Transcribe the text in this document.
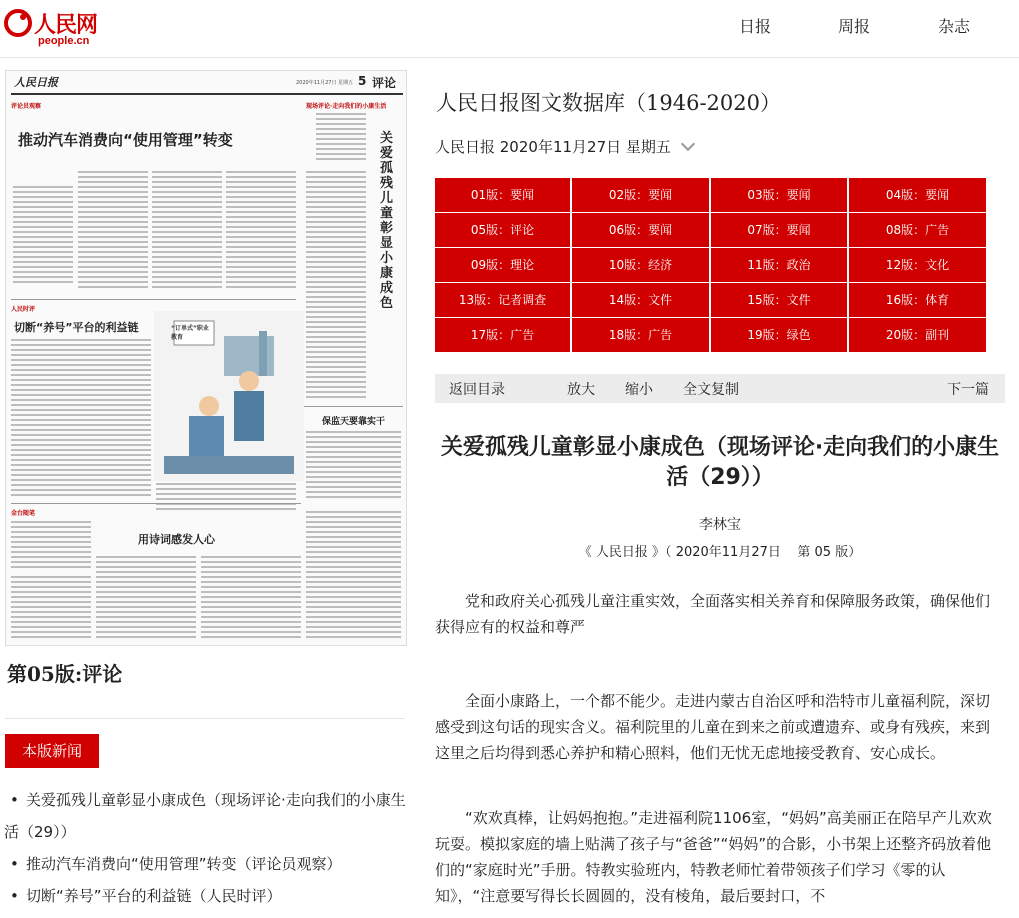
人民网
people.cn
日报	周报	杂志
人民日报	2020年11月27日 星期五 5 评论
评论员观察
推动汽车消费向“使用管理”转变
现场评论·走向我们的小康生活
关爱孤残儿童彰显小康成色
人民时评
切断“养号”平台的利益链	“订单式”职业教育
保监天要靠实干
金台随笔
用诗词感发人心
第05版:评论
本版新闻
• 关爱孤残儿童彰显小康成色（现场评论·走向我们的小康生活（29））
• 推动汽车消费向“使用管理”转变（评论员观察）
• 切断“养号”平台的利益链（人民时评）
人民日报图文数据库（1946-2020）
人民日报 2020年11月27日 星期五
01版：要闻	02版：要闻	03版：要闻	04版：要闻
05版：评论	06版：要闻	07版：要闻	08版：广告
09版：理论	10版：经济	11版：政治	12版：文化
13版：记者调查	14版：文件	15版：文件	16版：体育
17版：广告	18版：广告	19版：绿色	20版：副刊
返回目录	放大 缩小 全文复制	下一篇
关爱孤残儿童彰显小康成色（现场评论·走向我们的小康生活（29））
李林宝
《 人民日报 》（ 2020年11月27日    第 05 版）
党和政府关心孤残儿童注重实效，全面落实相关养育和保障服务政策，确保他们获得应有的权益和尊严
全面小康路上，一个都不能少。走进内蒙古自治区呼和浩特市儿童福利院，深切感受到这句话的现实含义。福利院里的儿童在到来之前或遭遗弃、或身有残疾，来到这里之后均得到悉心养护和精心照料，他们无忧无虑地接受教育、安心成长。
“欢欢真棒，让妈妈抱抱。”走进福利院1106室，“妈妈”高美丽正在陪早产儿欢欢玩耍。模拟家庭的墙上贴满了孩子与“爸爸”“妈妈”的合影，小书架上还整齐码放着他们的“家庭时光”手册。特教实验班内，特教老师忙着带领孩子们学习《零的认知》，“注意要写得长长圆圆的，没有棱角，最后要封口，不
